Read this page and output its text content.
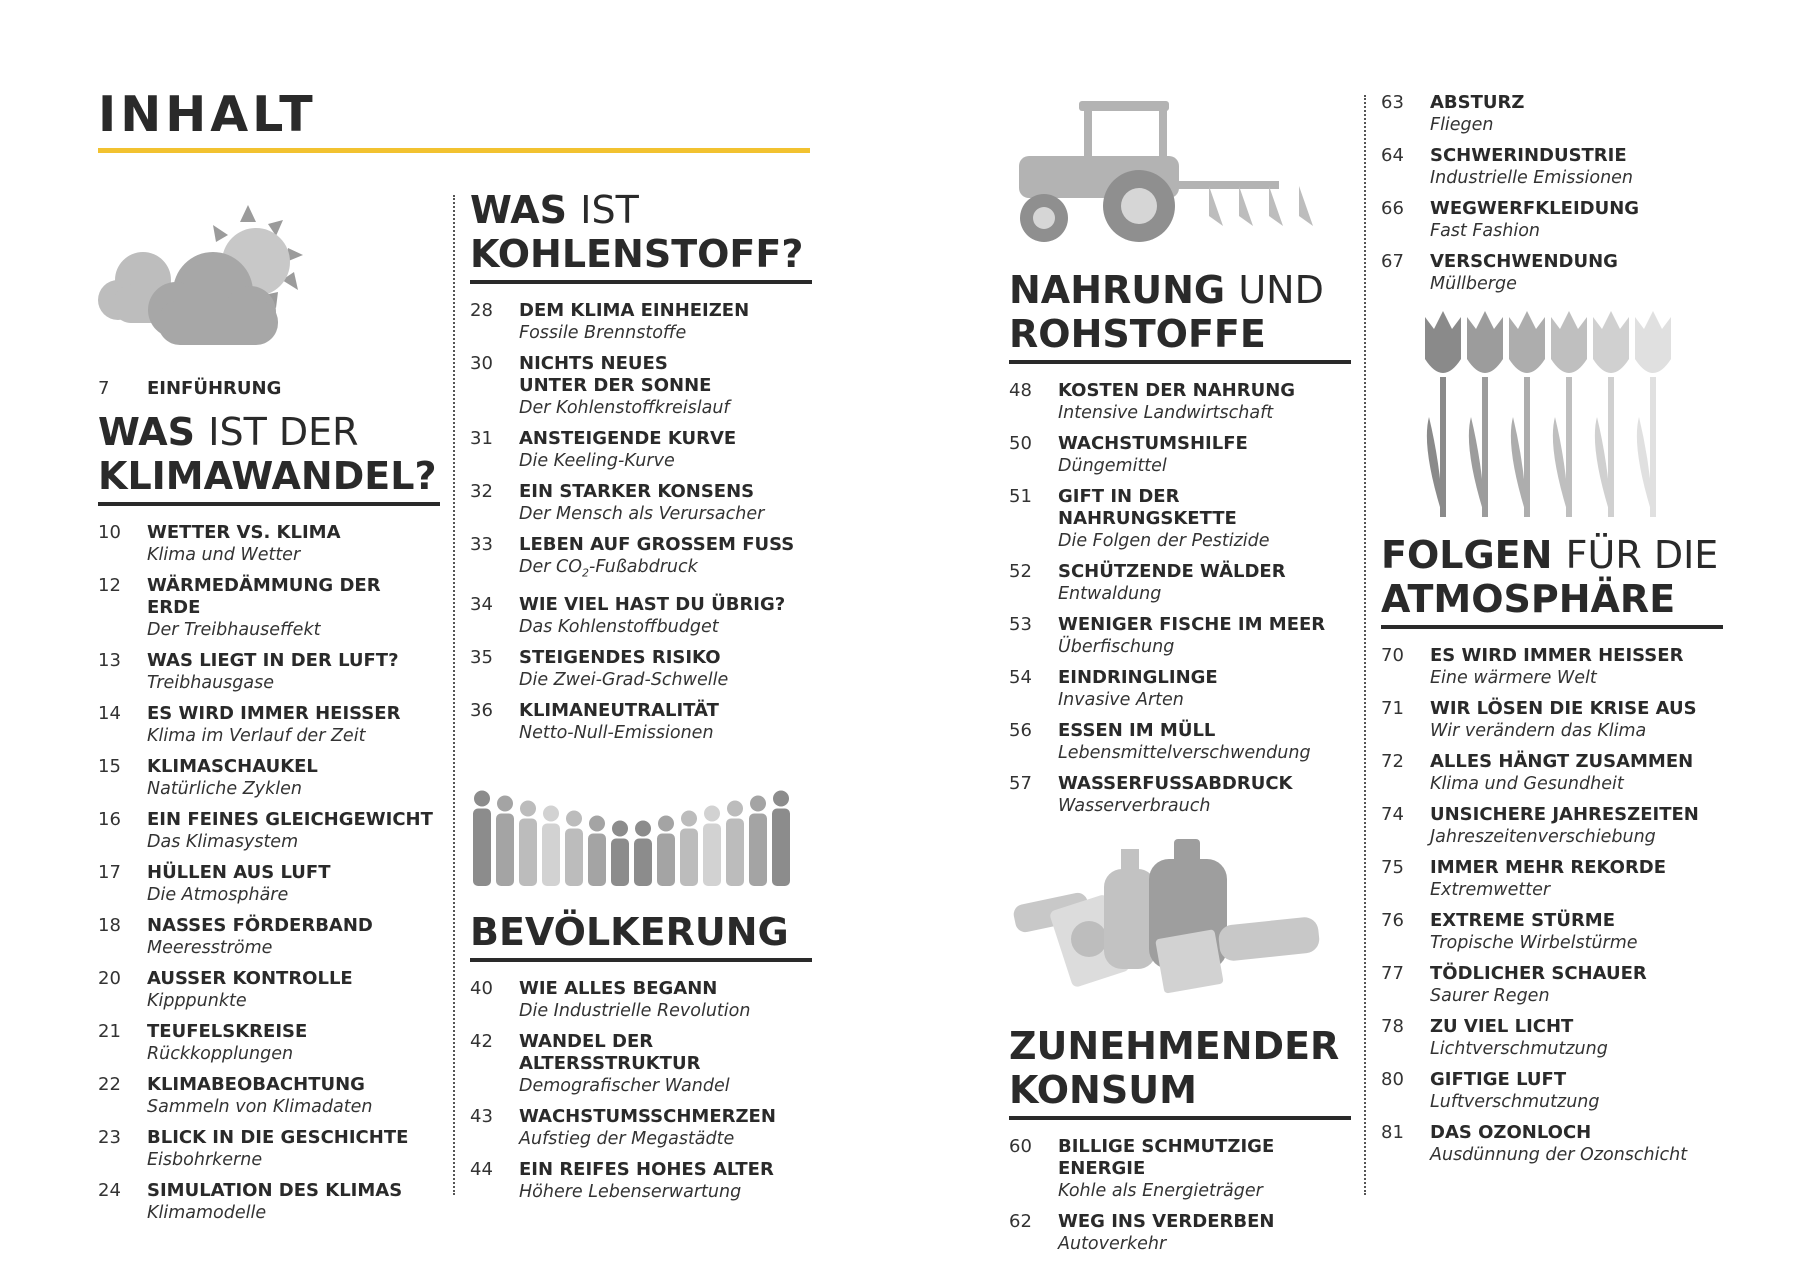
INHALT
7	EINFÜHRUNG
WAS IST DER
KLIMAWANDEL?
10	WETTER VS. KLIMA
Klima und Wetter
12	WÄRMEDÄMMUNG DER ERDE
Der Treibhauseffekt
13	WAS LIEGT IN DER LUFT?
Treibhausgase
14	ES WIRD IMMER HEISSER
Klima im Verlauf der Zeit
15	KLIMASCHAUKEL
Natürliche Zyklen
16	EIN FEINES GLEICHGEWICHT
Das Klimasystem
17	HÜLLEN AUS LUFT
Die Atmosphäre
18	NASSES FÖRDERBAND
Meeresströme
20	AUSSER KONTROLLE
Kipppunkte
21	TEUFELSKREISE
Rückkopplungen
22	KLIMABEOBACHTUNG
Sammeln von Klimadaten
23	BLICK IN DIE GESCHICHTE
Eisbohrkerne
24	SIMULATION DES KLIMAS
Klimamodelle
WAS IST
KOHLENSTOFF?
28	DEM KLIMA EINHEIZEN
Fossile Brennstoffe
30	NICHTS NEUES
UNTER DER SONNE
Der Kohlenstoffkreislauf
31	ANSTEIGENDE KURVE
Die Keeling-Kurve
32	EIN STARKER KONSENS
Der Mensch als Verursacher
33	LEBEN AUF GROSSEM FUSS
Der $CO_2$-Fußabdruck
34	WIE VIEL HAST DU ÜBRIG?
Das Kohlenstoffbudget
35	STEIGENDES RISIKO
Die Zwei-Grad-Schwelle
36	KLIMANEUTRALITÄT
Netto-Null-Emissionen
BEVÖLKERUNG
40	WIE ALLES BEGANN
Die Industrielle Revolution
42	WANDEL DER
ALTERSSTRUKTUR
Demografischer Wandel
43	WACHSTUMSSCHMERZEN
Aufstieg der Megastädte
44	EIN REIFES HOHES ALTER
Höhere Lebenserwartung
NAHRUNG UND
ROHSTOFFE
48	KOSTEN DER NAHRUNG
Intensive Landwirtschaft
50	WACHSTUMSHILFE
Düngemittel
51	GIFT IN DER NAHRUNGSKETTE
Die Folgen der Pestizide
52	SCHÜTZENDE WÄLDER
Entwaldung
53	WENIGER FISCHE IM MEER
Überfischung
54	EINDRINGLINGE
Invasive Arten
56	ESSEN IM MÜLL
Lebensmittelverschwendung
57	WASSERFUSSABDRUCK
Wasserverbrauch
ZUNEHMENDER
KONSUM
60	BILLIGE SCHMUTZIGE ENERGIE
Kohle als Energieträger
62	WEG INS VERDERBEN
Autoverkehr
63	ABSTURZ
Fliegen
64	SCHWERINDUSTRIE
Industrielle Emissionen
66	WEGWERFKLEIDUNG
Fast Fashion
67	VERSCHWENDUNG
Müllberge
FOLGEN FÜR DIE
ATMOSPHÄRE
70	ES WIRD IMMER HEISSER
Eine wärmere Welt
71	WIR LÖSEN DIE KRISE AUS
Wir verändern das Klima
72	ALLES HÄNGT ZUSAMMEN
Klima und Gesundheit
74	UNSICHERE JAHRESZEITEN
Jahreszeitenverschiebung
75	IMMER MEHR REKORDE
Extremwetter
76	EXTREME STÜRME
Tropische Wirbelstürme
77	TÖDLICHER SCHAUER
Saurer Regen
78	ZU VIEL LICHT
Lichtverschmutzung
80	GIFTIGE LUFT
Luftverschmutzung
81	DAS OZONLOCH
Ausdünnung der Ozonschicht
